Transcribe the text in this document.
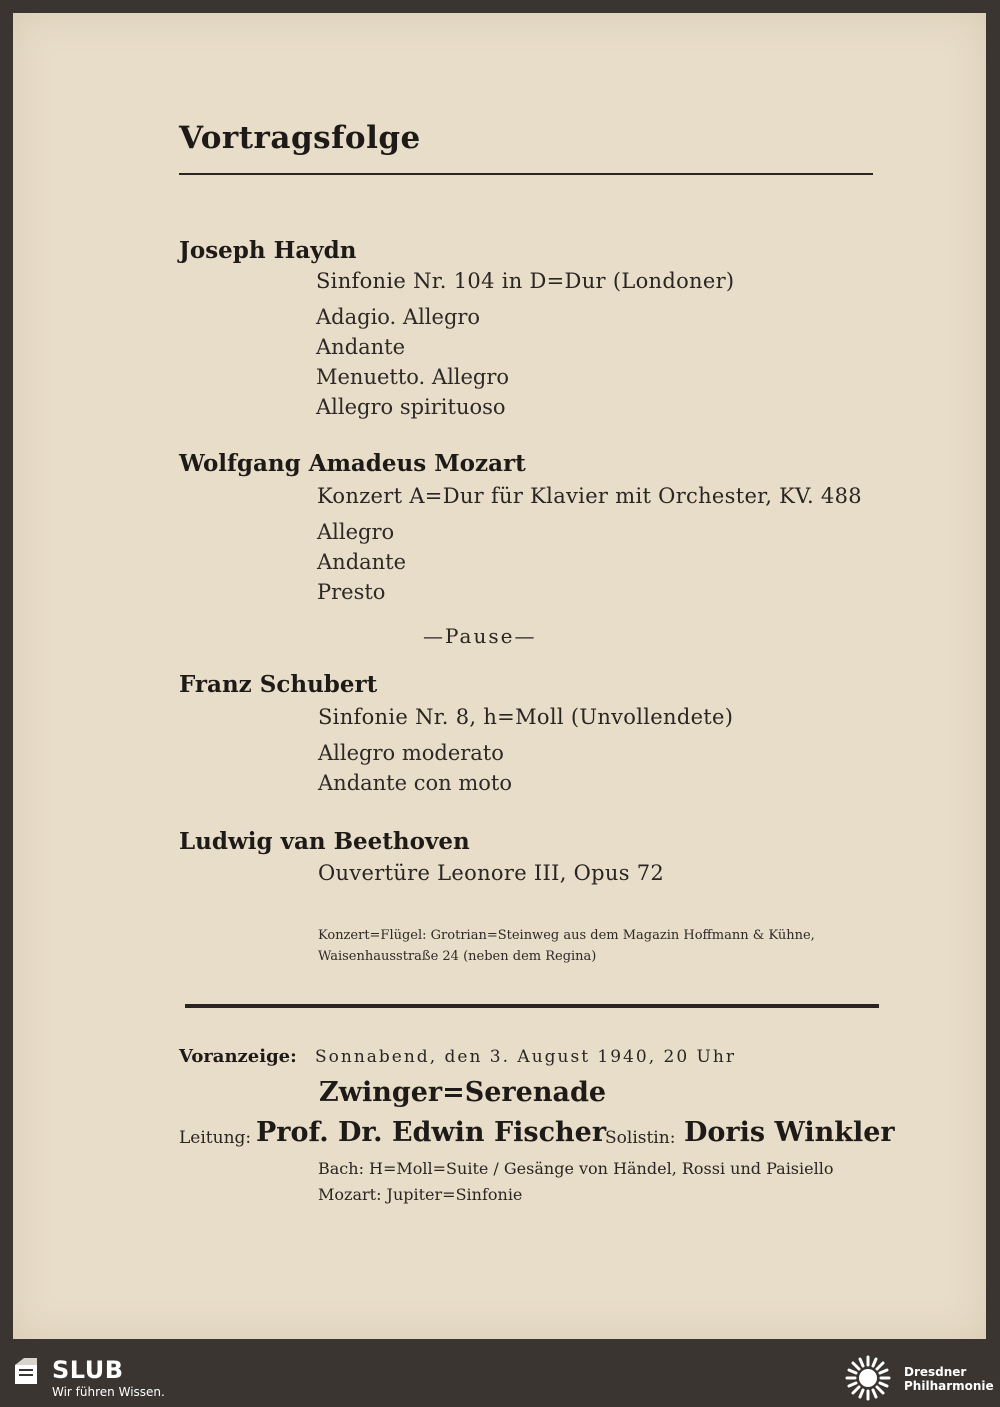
Vortragsfolge
Joseph Haydn
Sinfonie Nr. 104 in D=Dur (Londoner)
Adagio. Allegro
Andante
Menuetto. Allegro
Allegro spirituoso
Wolfgang Amadeus Mozart
Konzert A=Dur für Klavier mit Orchester, KV. 488
Allegro
Andante
Presto
—Pause—
Franz Schubert
Sinfonie Nr. 8, h=Moll (Unvollendete)
Allegro moderato
Andante con moto
Ludwig van Beethoven
Ouvertüre Leonore III, Opus 72
Konzert=Flügel: Grotrian=Steinweg aus dem Magazin Hoffmann & Kühne,
Waisenhausstraße 24 (neben dem Regina)
Voranzeige: Sonnabend, den 3. August 1940, 20 Uhr
Zwinger=Serenade
Leitung: Prof. Dr. Edwin Fischer
Solistin: Doris Winkler
Bach: H=Moll=Suite / Gesänge von Händel, Rossi und Paisiello
Mozart: Jupiter=Sinfonie
SLUB
Wir führen Wissen.
Dresdner
Philharmonie
